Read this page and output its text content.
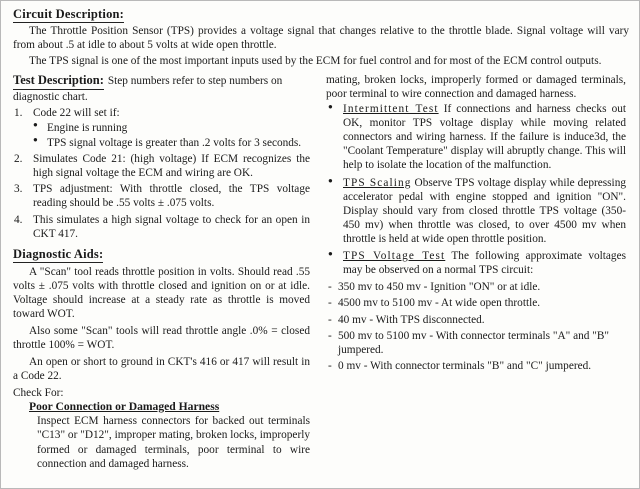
Circuit Description:

The Throttle Position Sensor (TPS) provides a voltage signal that changes relative to the throttle blade. Signal voltage will vary from about .5 at idle to about 5 volts at wide open throttle.

The TPS signal is one of the most important inputs used by the ECM for fuel control and for most of the ECM control outputs.

Test Description: Step numbers refer to step numbers on diagnostic chart.
1. Code 22 will set if:
● Engine is running
● TPS signal voltage is greater than .2 volts for 3 seconds.
2. Simulates Code 21: (high voltage) If ECM recognizes the high signal voltage the ECM and wiring are OK.
3. TPS adjustment: With throttle closed, the TPS voltage reading should be .55 volts ± .075 volts.
4. This simulates a high signal voltage to check for an open in CKT 417.
Diagnostic Aids:

A "Scan" tool reads throttle position in volts. Should read .55 volts ± .075 volts with throttle closed and ignition on or at idle. Voltage should increase at a steady rate as throttle is moved toward WOT.

Also some "Scan" tools will read throttle angle .0% = closed throttle 100% = WOT.

An open or short to ground in CKT's 416 or 417 will result in a Code 22.

Check For:
Poor Connection or Damaged Harness
Inspect ECM harness connectors for backed out terminals "C13" or "D12", improper mating, broken locks, improperly formed or damaged terminals, poor terminal to wire connection and damaged harness.

mating, broken locks, improperly formed or damaged terminals, poor terminal to wire connection and damaged harness.

● Intermittent Test If connections and harness checks out OK, monitor TPS voltage display while moving related connectors and wiring harness. If the failure is induce3d, the "Coolant Temperature" display will abruptly change. This will help to isolate the location of the malfunction.
● TPS Scaling Observe TPS voltage display while depressing accelerator pedal with engine stopped and ignition "ON". Display should vary from closed throttle TPS voltage (350-450 mv) when throttle was closed, to over 4500 mv when throttle is held at wide open throttle position.
● TPS Voltage Test The following approximate voltages may be observed on a normal TPS circuit:
- 350 mv to 450 mv - Ignition "ON" or at idle.
- 4500 mv to 5100 mv - At wide open throttle.
- 40 mv - With TPS disconnected.
- 500 mv to 5100 mv - With connector terminals "A" and "B" jumpered.
- 0 mv - With connector terminals "B" and "C" jumpered.
